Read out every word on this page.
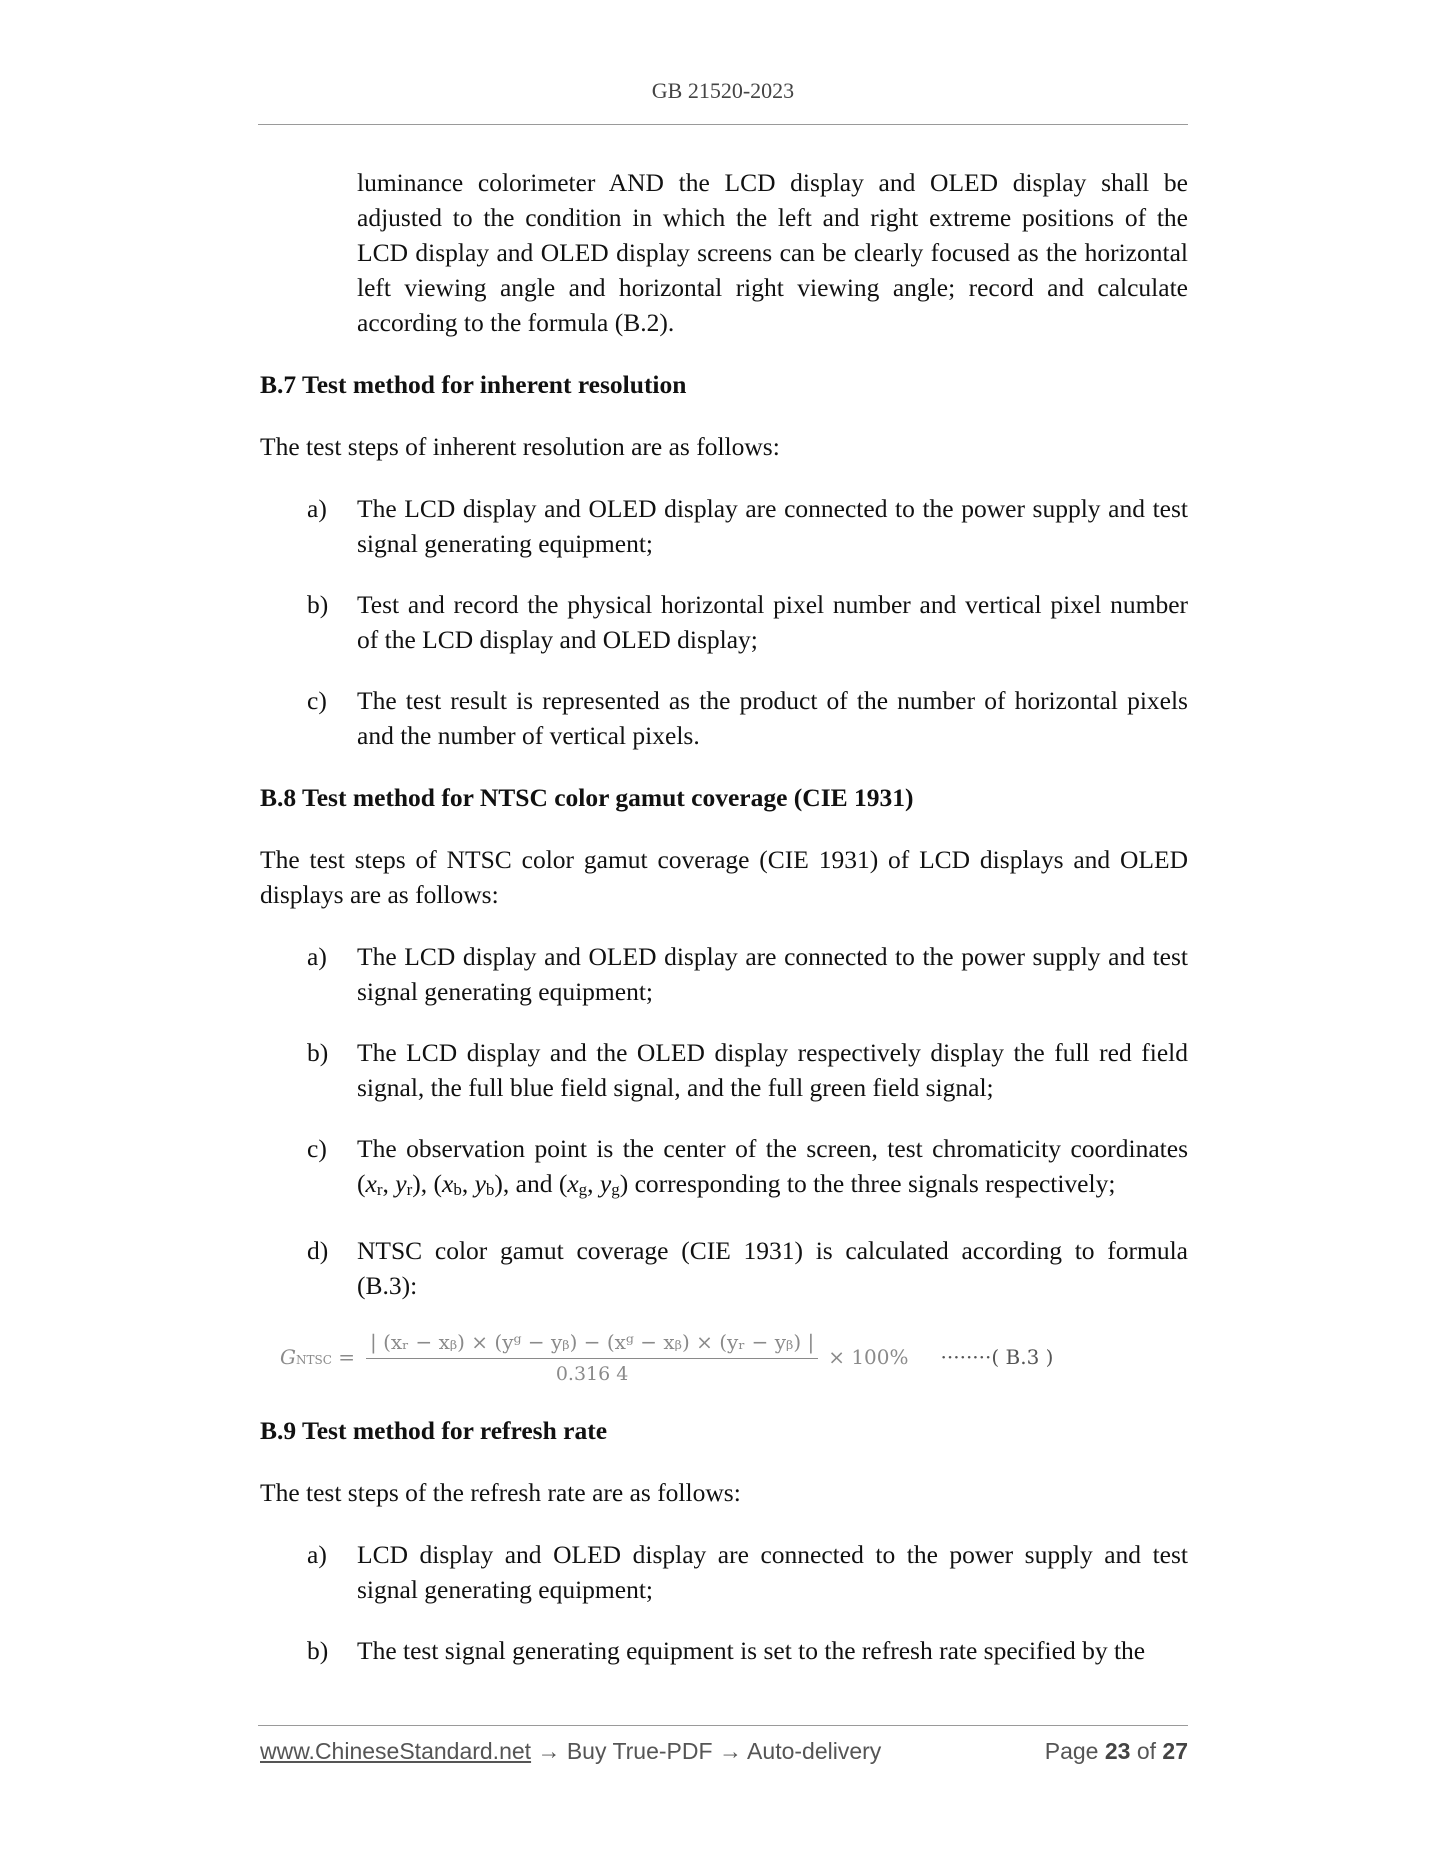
GB 21520-2023

luminance colorimeter AND the LCD display and OLED display shall be adjusted to the condition in which the left and right extreme positions of the LCD display and OLED display screens can be clearly focused as the horizontal left viewing angle and horizontal right viewing angle; record and calculate according to the formula (B.2).

B.7 Test method for inherent resolution

The test steps of inherent resolution are as follows:

a)	The LCD display and OLED display are connected to the power supply and test signal generating equipment;

b)	Test and record the physical horizontal pixel number and vertical pixel number of the LCD display and OLED display;

c)	The test result is represented as the product of the number of horizontal pixels and the number of vertical pixels.

B.8 Test method for NTSC color gamut coverage (CIE 1931)

The test steps of NTSC color gamut coverage (CIE 1931) of LCD displays and OLED displays are as follows:

a)	The LCD display and OLED display are connected to the power supply and test signal generating equipment;

b)	The LCD display and the OLED display respectively display the full red field signal, the full blue field signal, and the full green field signal;

c)	The observation point is the center of the screen, test chromaticity coordinates (xr, yr), (xb, yb), and (xg, yg) corresponding to the three signals respectively;

d)	NTSC color gamut coverage (CIE 1931) is calculated according to formula (B.3):

GNTSC = $\frac{\text{| (xᵣ − xᵦ) × (yᵍ − yᵦ) − (xᵍ − xᵦ) × (yᵣ − yᵦ) |}}{0.316 4} \times 100\%$ ········( B.3 )
B.9 Test method for refresh rate

The test steps of the refresh rate are as follows:

a)	LCD display and OLED display are connected to the power supply and test signal generating equipment;

b)	The test signal generating equipment is set to the refresh rate specified by the

www.ChineseStandard.net → Buy True-PDF → Auto-delivery	Page 23 of 27
